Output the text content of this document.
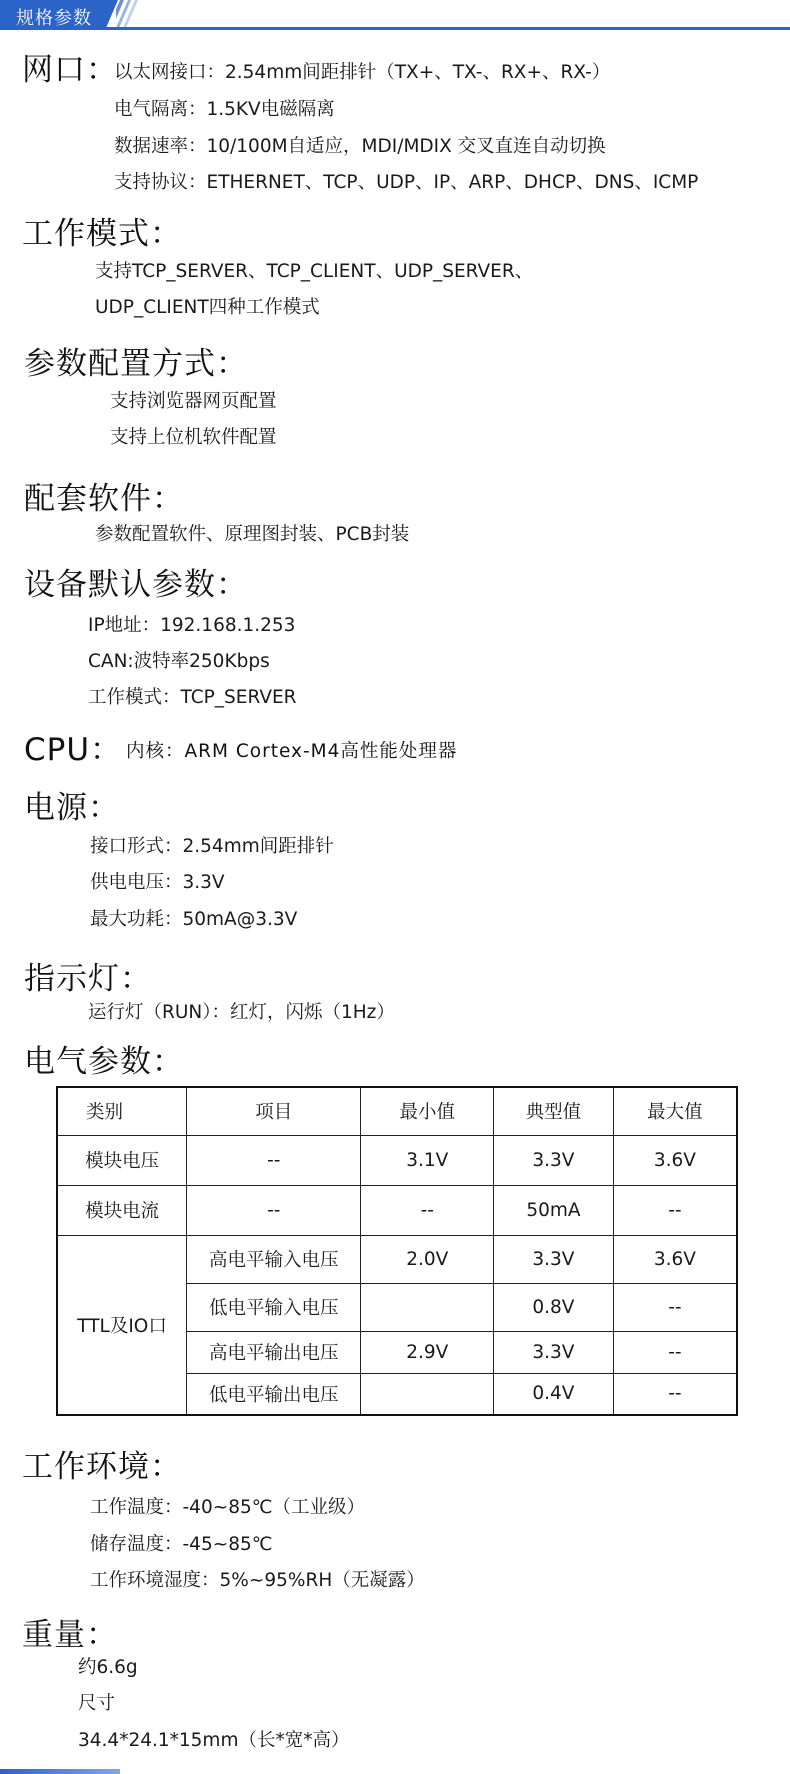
规格参数
网口：
以太网接口：2.54mm间距排针（TX+、TX-、RX+、RX-）
电气隔离：1.5KV电磁隔离
数据速率：10/100M自适应，MDI/MDIX 交叉直连自动切换
支持协议：ETHERNET、TCP、UDP、IP、ARP、DHCP、DNS、ICMP
工作模式：
支持TCP_SERVER、TCP_CLIENT、UDP_SERVER、
UDP_CLIENT四种工作模式
参数配置方式：
支持浏览器网页配置
支持上位机软件配置
配套软件：
参数配置软件、原理图封装、PCB封装
设备默认参数：
IP地址：192.168.1.253
CAN:波特率250Kbps
工作模式：TCP_SERVER
CPU： 内核：ARM Cortex-M4高性能处理器
电源：
接口形式：2.54mm间距排针
供电电压：3.3V
最大功耗：50mA@3.3V
指示灯：
运行灯（RUN）：红灯，闪烁（1Hz）
电气参数：
类别	项目	最小值	典型值	最大值
模块电压	--	3.1V	3.3V	3.6V
模块电流	--	--	50mA	--
TTL及IO口	高电平输入电压	2.0V	3.3V	3.6V
	低电平输入电压		0.8V	--
	高电平输出电压	2.9V	3.3V	--
	低电平输出电压		0.4V	--
工作环境：
工作温度：-40~85℃（工业级）
储存温度：-45~85℃
工作环境湿度：5%~95%RH（无凝露）
重量：
约6.6g
尺寸
34.4*24.1*15mm（长*宽*高）
